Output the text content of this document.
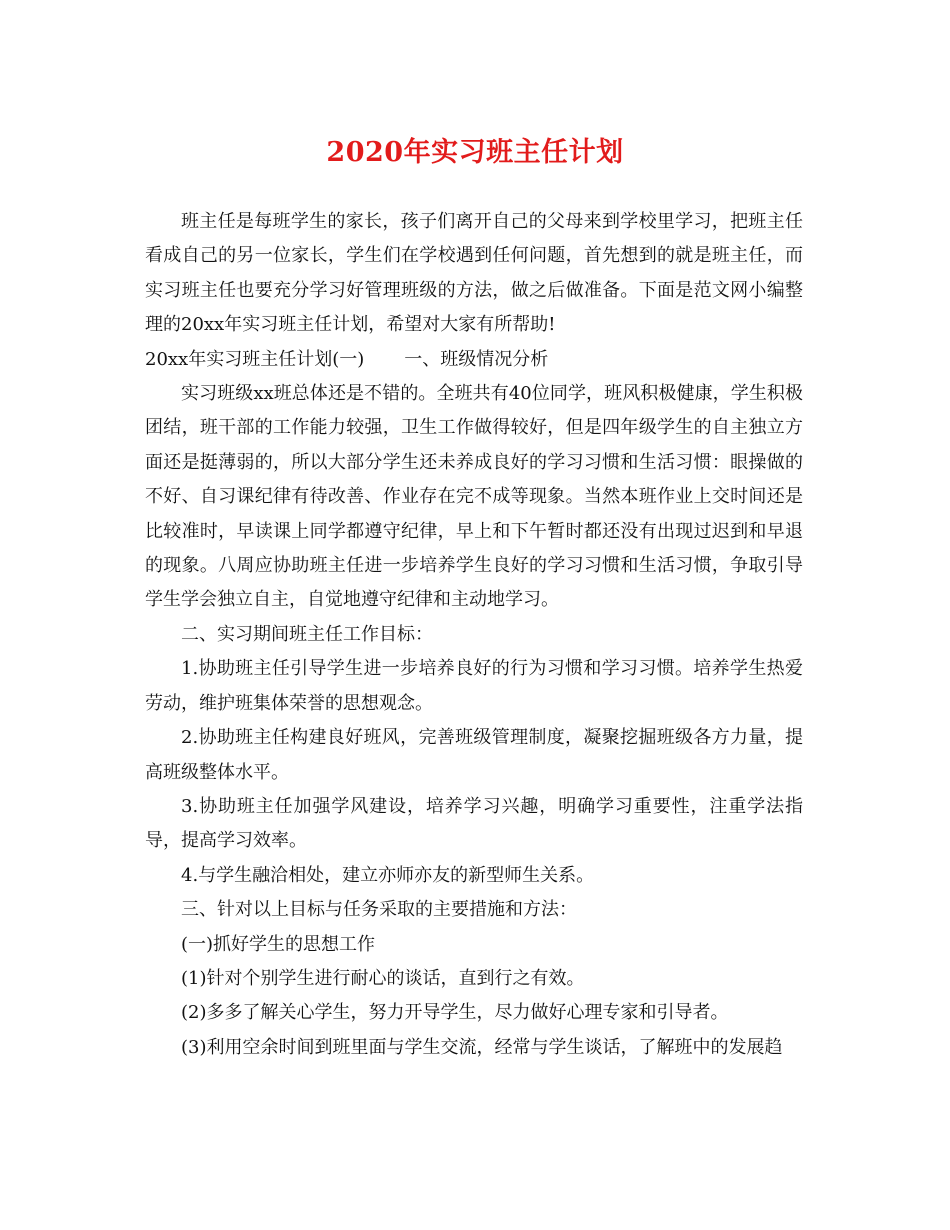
2020年实习班主任计划

班主任是每班学生的家长，孩子们离开自己的父母来到学校里学习，把班主任看成自己的另一位家长，学生们在学校遇到任何问题，首先想到的就是班主任，而实习班主任也要充分学习好管理班级的方法，做之后做准备。下面是范文网小编整理的20xx年实习班主任计划，希望对大家有所帮助!

20xx年实习班主任计划(一) 一、班级情况分析

实习班级xx班总体还是不错的。全班共有40位同学，班风积极健康，学生积极团结，班干部的工作能力较强，卫生工作做得较好，但是四年级学生的自主独立方面还是挺薄弱的，所以大部分学生还未养成良好的学习习惯和生活习惯：眼操做的不好、自习课纪律有待改善、作业存在完不成等现象。当然本班作业上交时间还是比较准时，早读课上同学都遵守纪律，早上和下午暂时都还没有出现过迟到和早退的现象。八周应协助班主任进一步培养学生良好的学习习惯和生活习惯，争取引导学生学会独立自主，自觉地遵守纪律和主动地学习。

二、实习期间班主任工作目标：

1.协助班主任引导学生进一步培养良好的行为习惯和学习习惯。培养学生热爱劳动，维护班集体荣誉的思想观念。

2.协助班主任构建良好班风，完善班级管理制度，凝聚挖掘班级各方力量，提高班级整体水平。

3.协助班主任加强学风建设，培养学习兴趣，明确学习重要性，注重学法指导，提高学习效率。

4.与学生融洽相处，建立亦师亦友的新型师生关系。

三、针对以上目标与任务采取的主要措施和方法：

(一)抓好学生的思想工作

(1)针对个别学生进行耐心的谈话，直到行之有效。

(2)多多了解关心学生，努力开导学生，尽力做好心理专家和引导者。

(3)利用空余时间到班里面与学生交流，经常与学生谈话，了解班中的发展趋
